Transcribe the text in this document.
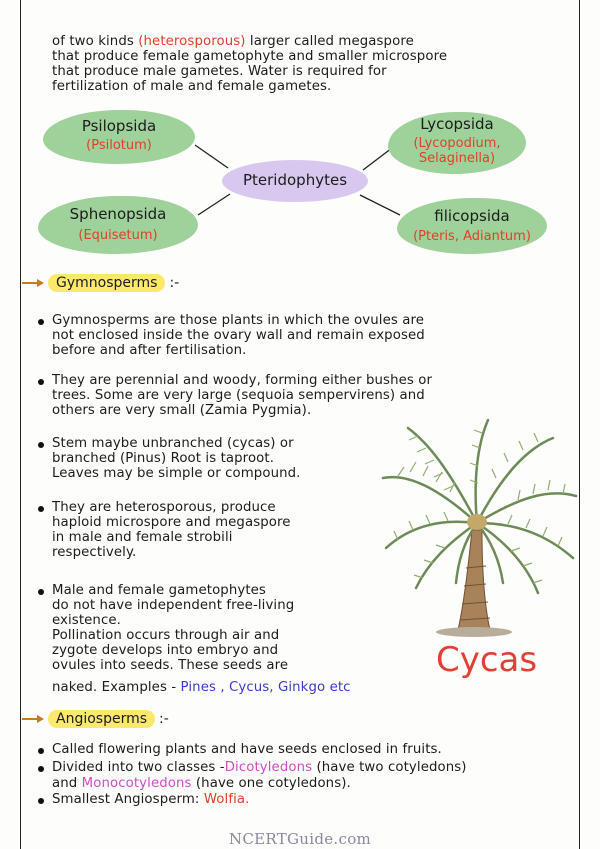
of two kinds (heterosporous) larger called megaspore
that produce female gametophyte and smaller microspore
that produce male gametes. Water is required for
fertilization of male and female gametes.
Psilopsida
(Psilotum)
Lycopsida
(Lycopodium,
Selaginella)
Pteridophytes
Sphenopsida
(Equisetum)
filicopsida
(Pteris, Adiantum)
Gymnosperms :-
Gymnosperms are those plants in which the ovules are
not enclosed inside the ovary wall and remain exposed
before and after fertilisation.
They are perennial and woody, forming either bushes or
trees. Some are very large (sequoia sempervirens) and
others are very small (Zamia Pygmia).
Stem maybe unbranched (cycas) or
branched (Pinus) Root is taproot.
Leaves may be simple or compound.
They are heterosporous, produce
haploid microspore and megaspore
in male and female strobili
respectively.
Male and female gametophytes
do not have independent free-living
existence.
Pollination occurs through air and
zygote develops into embryo and
ovules into seeds. These seeds are
naked. Examples - Pines , Cycus, Ginkgo etc
Cycas
Angiosperms :-
Called flowering plants and have seeds enclosed in fruits.
Divided into two classes -Dicotyledons (have two cotyledons)
and Monocotyledons (have one cotyledons).
Smallest Angiosperm: Wolfia.
NCERTGuide.com
